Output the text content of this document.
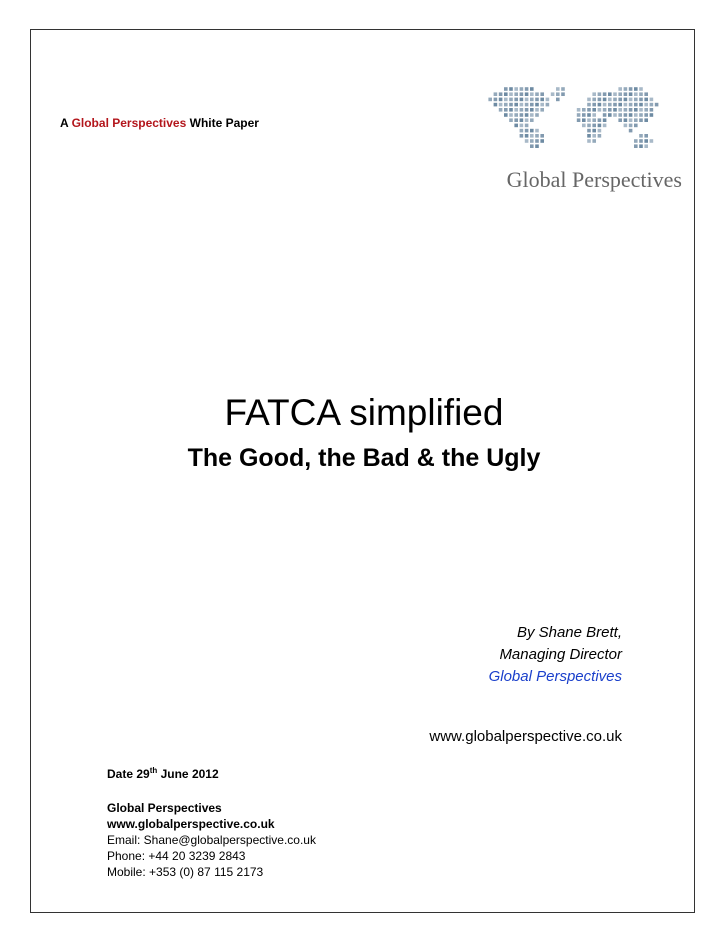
A Global Perspectives White Paper
Global Perspectives
FATCA simplified
The Good, the Bad & the Ugly
By Shane Brett,
Managing Director
Global Perspectives
www.globalperspective.co.uk
Date 29th June 2012
Global Perspectives
www.globalperspective.co.uk
Email: Shane@globalperspective.co.uk
Phone: +44 20 3239 2843
Mobile: +353 (0) 87 115 2173
